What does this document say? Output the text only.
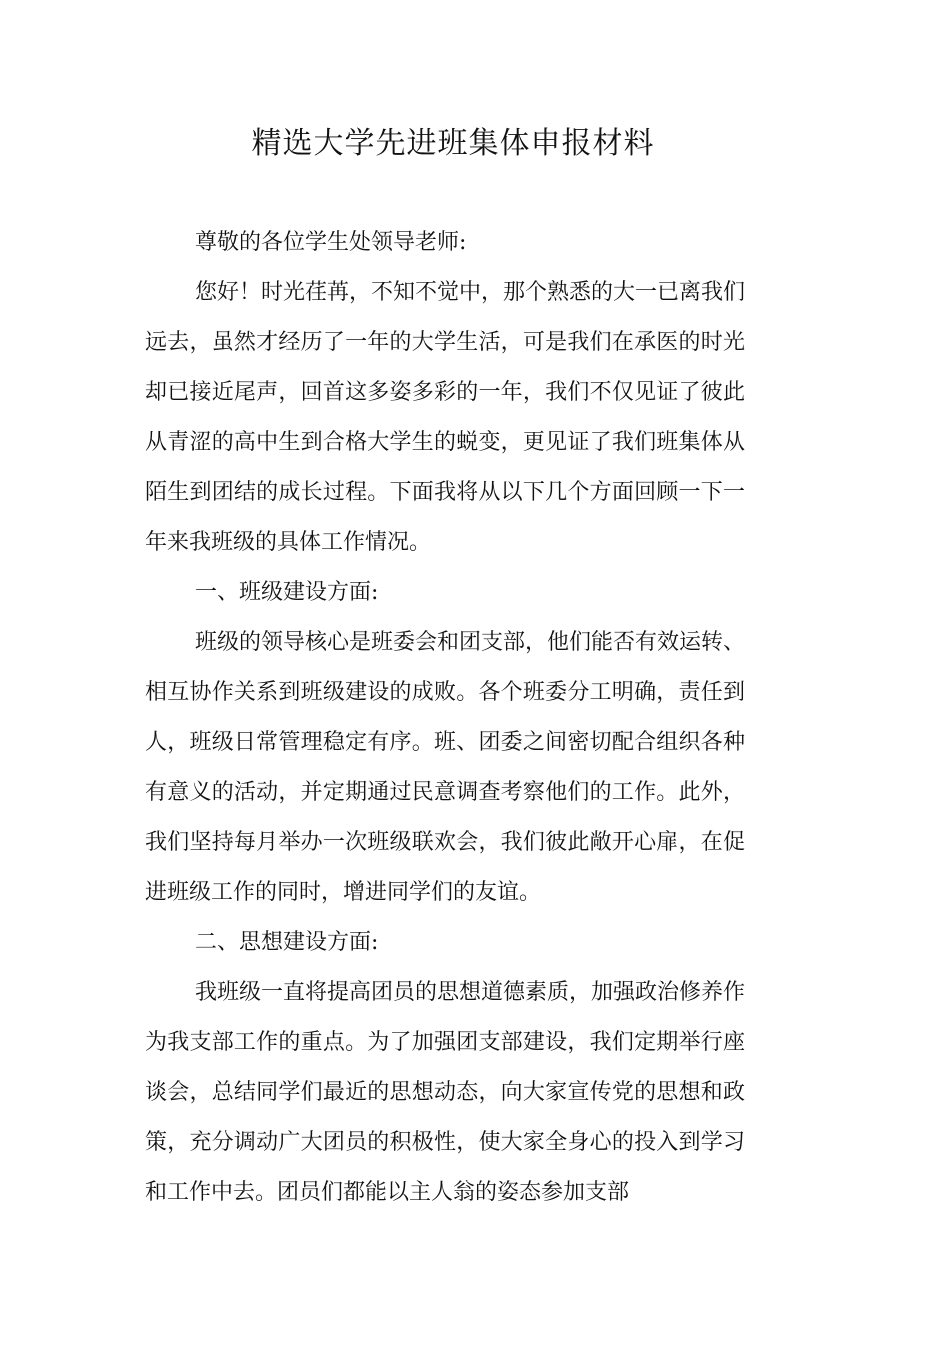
精选大学先进班集体申报材料

尊敬的各位学生处领导老师:

您好！时光荏苒，不知不觉中，那个熟悉的大一已离我们远去，虽然才经历了一年的大学生活，可是我们在承医的时光却已接近尾声，回首这多姿多彩的一年，我们不仅见证了彼此从青涩的高中生到合格大学生的蜕变，更见证了我们班集体从陌生到团结的成长过程。下面我将从以下几个方面回顾一下一年来我班级的具体工作情况。

一、班级建设方面:

班级的领导核心是班委会和团支部，他们能否有效运转、相互协作关系到班级建设的成败。各个班委分工明确，责任到人，班级日常管理稳定有序。班、团委之间密切配合组织各种有意义的活动，并定期通过民意调查考察他们的工作。此外，我们坚持每月举办一次班级联欢会，我们彼此敞开心扉，在促进班级工作的同时，增进同学们的友谊。

二、思想建设方面:

我班级一直将提高团员的思想道德素质，加强政治修养作为我支部工作的重点。为了加强团支部建设，我们定期举行座谈会，总结同学们最近的思想动态，向大家宣传党的思想和政策，充分调动广大团员的积极性，使大家全身心的投入到学习和工作中去。团员们都能以主人翁的姿态参加支部
